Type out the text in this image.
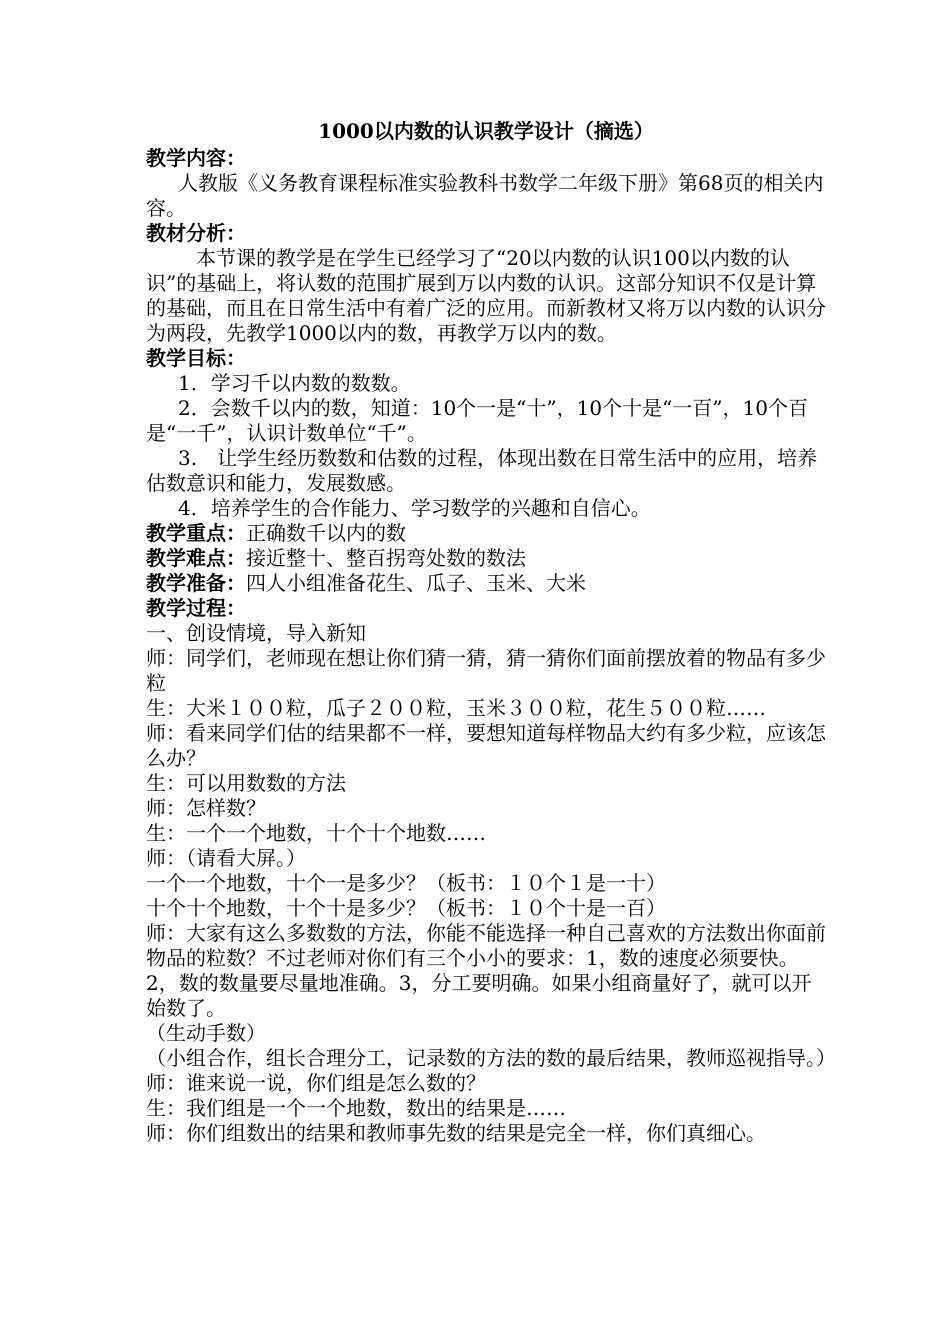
1000以内数的认识教学设计（摘选）

教学内容：

人教版《义务教育课程标准实验教科书数学二年级下册》第68页的相关内容。

教材分析：

本节课的教学是在学生已经学习了“20以内数的认识100以内数的认识”的基础上，将认数的范围扩展到万以内数的认识。这部分知识不仅是计算的基础，而且在日常生活中有着广泛的应用。而新教材又将万以内数的认识分为两段，先教学1000以内的数，再教学万以内的数。

教学目标：

1．学习千以内数的数数。

2．会数千以内的数，知道：10个一是“十”，10个十是“一百”，10个百是“一千”，认识计数单位“千”。

3.　让学生经历数数和估数的过程，体现出数在日常生活中的应用，培养估数意识和能力，发展数感。

4．培养学生的合作能力、学习数学的兴趣和自信心。

教学重点：正确数千以内的数

教学难点：接近整十、整百拐弯处数的数法

教学准备：四人小组准备花生、瓜子、玉米、大米

教学过程：

一、创设情境，导入新知

师：同学们，老师现在想让你们猜一猜，猜一猜你们面前摆放着的物品有多少粒

生：大米１００粒，瓜子２００粒，玉米３００粒，花生５００粒……

师：看来同学们估的结果都不一样，要想知道每样物品大约有多少粒，应该怎么办？

生：可以用数数的方法

师：怎样数？

生：一个一个地数，十个十个地数……

师：（请看大屏。）

一个一个地数，十个一是多少？（板书：１０个１是一十）

十个十个地数，十个十是多少？（板书：１０个十是一百）

师：大家有这么多数数的方法，你能不能选择一种自己喜欢的方法数出你面前物品的粒数？不过老师对你们有三个小小的要求：1，数的速度必须要快。2，数的数量要尽量地准确。3，分工要明确。如果小组商量好了，就可以开始数了。

（生动手数）

（小组合作，组长合理分工，记录数的方法的数的最后结果，教师巡视指导。）

师：谁来说一说，你们组是怎么数的？

生：我们组是一个一个地数，数出的结果是……

师：你们组数出的结果和教师事先数的结果是完全一样，你们真细心。
